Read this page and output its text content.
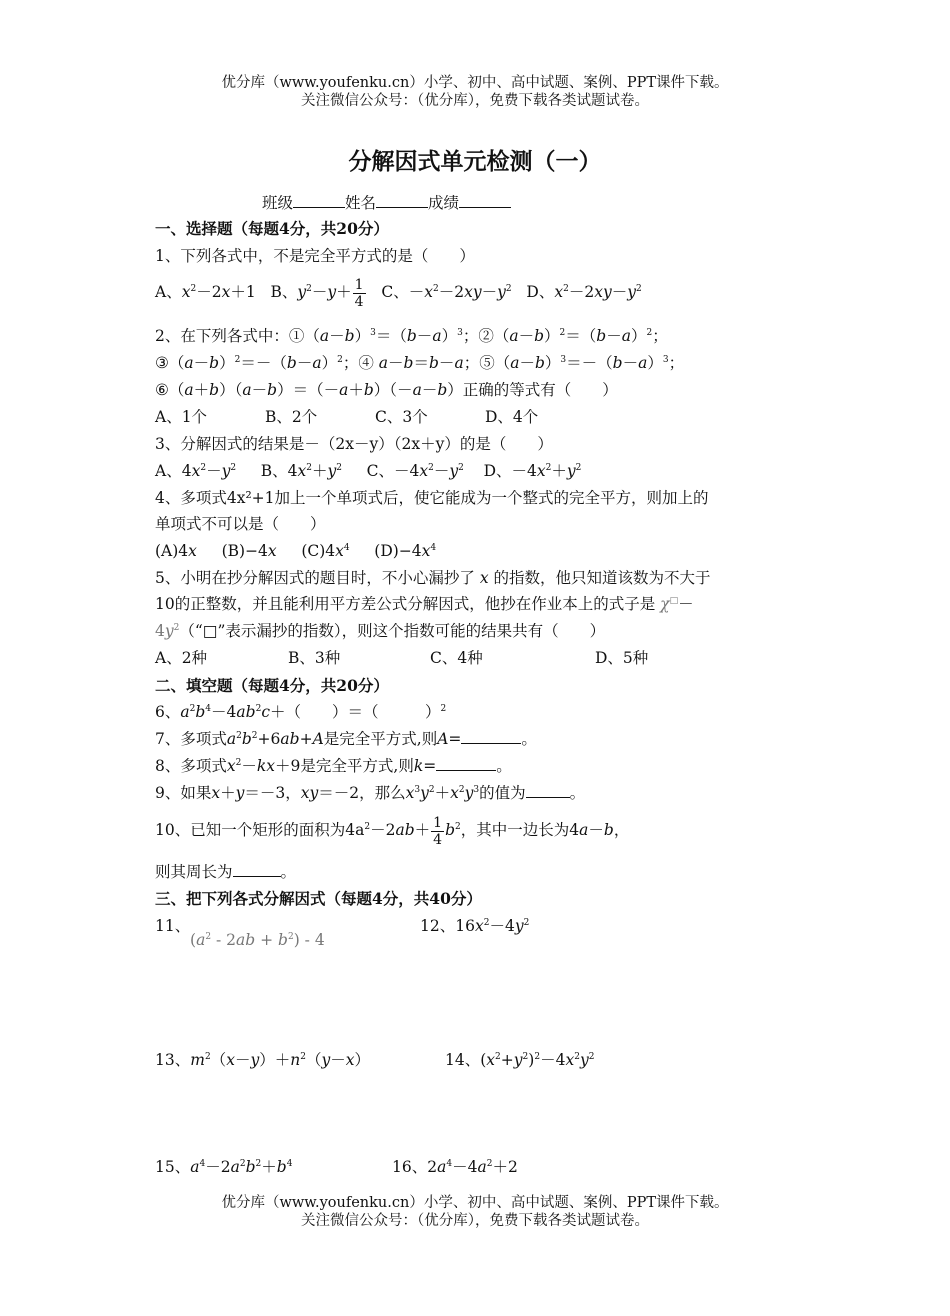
优分库（www.youfenku.cn）小学、初中、高中试题、案例、PPT课件下载。
关注微信公众号：（优分库），免费下载各类试题试卷。
分解因式单元检测（一）
班级	姓名	成绩
一、选择题（每题4分，共20分）
1、下列各式中，不是完全平方式的是（　　）
A、$x^2-2x+1$   B、$y^2-y+ \frac{1}{4}$ C、$-x^2-2xy-y^2$ D、$x^2-2xy-y^2$
2、在下列各式中：$①(a-b)^3=(b-a)^3$；$②(a-b)^2=(b-a)^2$；
$③(a-b)^2=-(b-a)^2$；④ a－b＝b－a；$⑤(a-b)^3=-(b-a)^3$；
⑥（a＋b）（a－b）＝（－a＋b）（－a－b）正确的等式有（　　）
A、1个	B、2个	C、3个	D、4个
3、分解因式的结果是－（2x－y）（2x＋y）的是（　　）
A、$4x^2-y^2$ B、$4x^2+y^2$ C、$-4x^2-y^2$ D、$-4x^2+y^2$
4、多项式4x²+1加上一个单项式后，使它能成为一个整式的完全平方，则加上的
单项式不可以是（　　）
(A)4x (B)−4x $(C)4x^4$ $(D)-4x^4$
5、小明在抄分解因式的题目时，不小心漏抄了 x 的指数，他只知道该数为不大于
10的正整数，并且能利用平方差公式分解因式，他抄在作业本上的式子是 χ□－
$4y^2(“□$”表示漏抄的指数），则这个指数可能的结果共有（　　）
A、2种	B、3种	C、4种	D、5种
二、填空题（每题4分，共20分）
6、$a^2b^4-4ab^2c+$（　　）＝（　　　）$^2$
7、多项式$a^2b^2+6ab+A$是完全平方式,则A=	。
8、多项式$x^2-kx+9$是完全平方式,则k=	。
9、如果x＋y＝－3，xy＝－2，那么$x^3y^2+x^2y^3$的值为	。
10、已知一个矩形的面积为$4a^2-2ab+ \frac{1}{4} b^2$，其中一边长为4a－b，
则其周长为	。
三、把下列各式分解因式（每题4分，共40分）
11、
$(a^2 - 2ab + b^2) - 4$
12、$16x^2-4y^2$
13、$m^2(x-y)+n^2(y-x)$	14、$(x^2+y^2)^2-4x^2y^2$
15、$a^4-2a^2b^2+b^4$	16、$2a^4-4a^2+2$
优分库（www.youfenku.cn）小学、初中、高中试题、案例、PPT课件下载。
关注微信公众号：（优分库），免费下载各类试题试卷。
